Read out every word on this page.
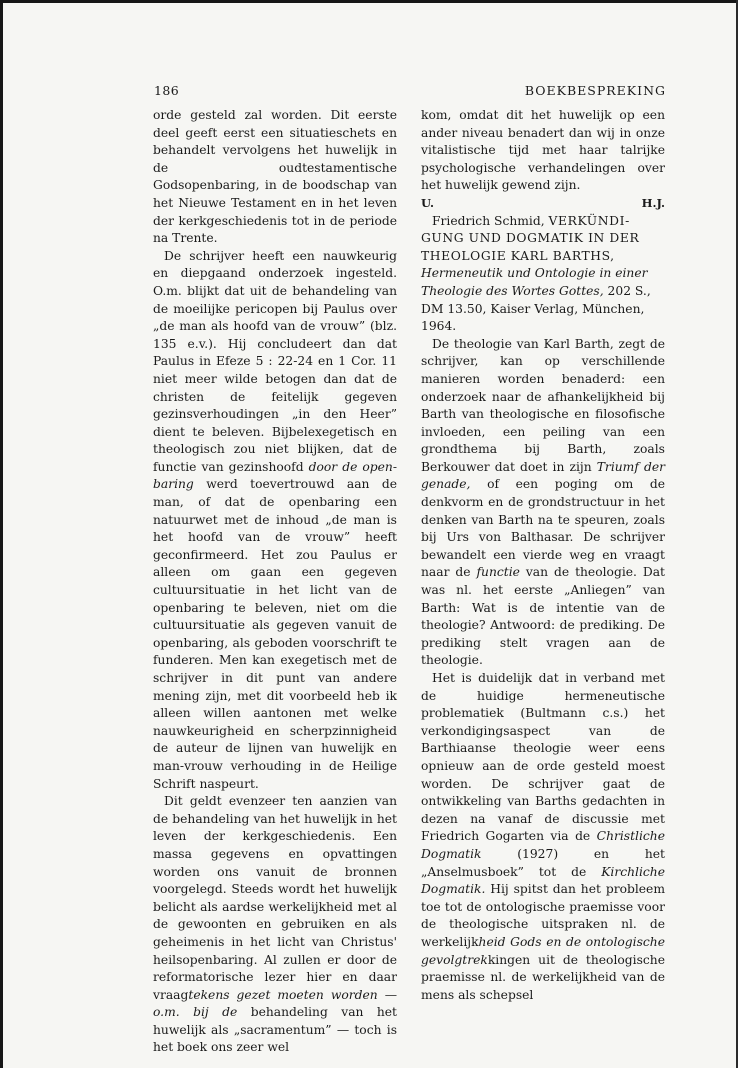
186	BOEKBESPREKING

orde gesteld zal worden. Dit eerste deel geeft eerst een situatieschets en behandelt vervolgens het huwelijk in de oudtestamentische Godsopenbaring, in de boodschap van het Nieuwe Testament en in het leven der kerkgeschiedenis tot in de periode na Trente.

De schrijver heeft een nauwkeurig en diepgaand onderzoek ingesteld. O.m. blijkt dat uit de behandeling van de moeilijke pericopen bij Paulus over „de man als hoofd van de vrouw” (blz. 135 e.v.). Hij concludeert dan dat Paulus in Efeze 5 : 22-24 en 1 Cor. 11 niet meer wilde betogen dan dat de christen de feitelijk gegeven gezinsverhoudingen „in den Heer” dient te beleven. Bijbelexegetisch en theologisch zou niet blijken, dat de functie van gezinshoofd door de openbaring werd toevertrouwd aan de man, of dat de openbaring een natuurwet met de inhoud „de man is het hoofd van de vrouw” heeft geconfirmeerd. Het zou Paulus er alleen om gaan een gegeven cultuursituatie in het licht van de openbaring te beleven, niet om die cultuursituatie als gegeven vanuit de openbaring, als geboden voorschrift te funderen. Men kan exegetisch met de schrijver in dit punt van andere mening zijn, met dit voorbeeld heb ik alleen willen aantonen met welke nauwkeurigheid en scherpzinnigheid de auteur de lijnen van huwelijk en man-vrouw verhouding in de Heilige Schrift naspeurt.

Dit geldt evenzeer ten aanzien van de behandeling van het huwelijk in het leven der kerkgeschiedenis. Een massa gegevens en opvattingen worden ons vanuit de bronnen voorgelegd. Steeds wordt het huwelijk belicht als aardse werkelijkheid met al de gewoonten en gebruiken en als geheimenis in het licht van Christus' heilsopenbaring. Al zullen er door de reformatorische lezer hier en daar vraagtekens gezet moeten worden — o.m. bij de behandeling van het huwelijk als „sacramentum” — toch is het boek ons zeer wel

kom, omdat dit het huwelijk op een ander niveau benadert dan wij in onze vitalistische tijd met haar talrijke psychologische verhandelingen over het huwelijk gewend zijn.

U.	H.J.

Friedrich Schmid, VERKÜNDIGUNG UND DOGMATIK IN DER THEOLOGIE KARL BARTHS, Hermeneutik und Ontologie in einer Theologie des Wortes Gottes, 202 S., DM 13.50, Kaiser Verlag, München, 1964.

De theologie van Karl Barth, zegt de schrijver, kan op verschillende manieren worden benaderd: een onderzoek naar de afhankelijkheid bij Barth van theologische en filosofische invloeden, een peiling van een grondthema bij Barth, zoals Berkouwer dat doet in zijn Triumf der genade, of een poging om de denkvorm en de grondstructuur in het denken van Barth na te speuren, zoals bij Urs von Balthasar. De schrijver bewandelt een vierde weg en vraagt naar de functie van de theologie. Dat was nl. het eerste „Anliegen” van Barth: Wat is de intentie van de theologie? Antwoord: de prediking. De prediking stelt vragen aan de theologie.

Het is duidelijk dat in verband met de huidige hermeneutische problematiek (Bultmann c.s.) het verkondigingsaspect van de Barthiaanse theologie weer eens opnieuw aan de orde gesteld moest worden. De schrijver gaat de ontwikkeling van Barths gedachten in dezen na vanaf de discussie met Friedrich Gogarten via de Christliche Dogmatik (1927) en het „Anselmusboek” tot de Kirchliche Dogmatik. Hij spitst dan het probleem toe tot de ontologische praemisse voor de theologische uitspraken nl. de werkelijkheid Gods en de ontologische gevolgtrekkingen uit de theologische praemisse nl. de werkelijkheid van de mens als schepsel
